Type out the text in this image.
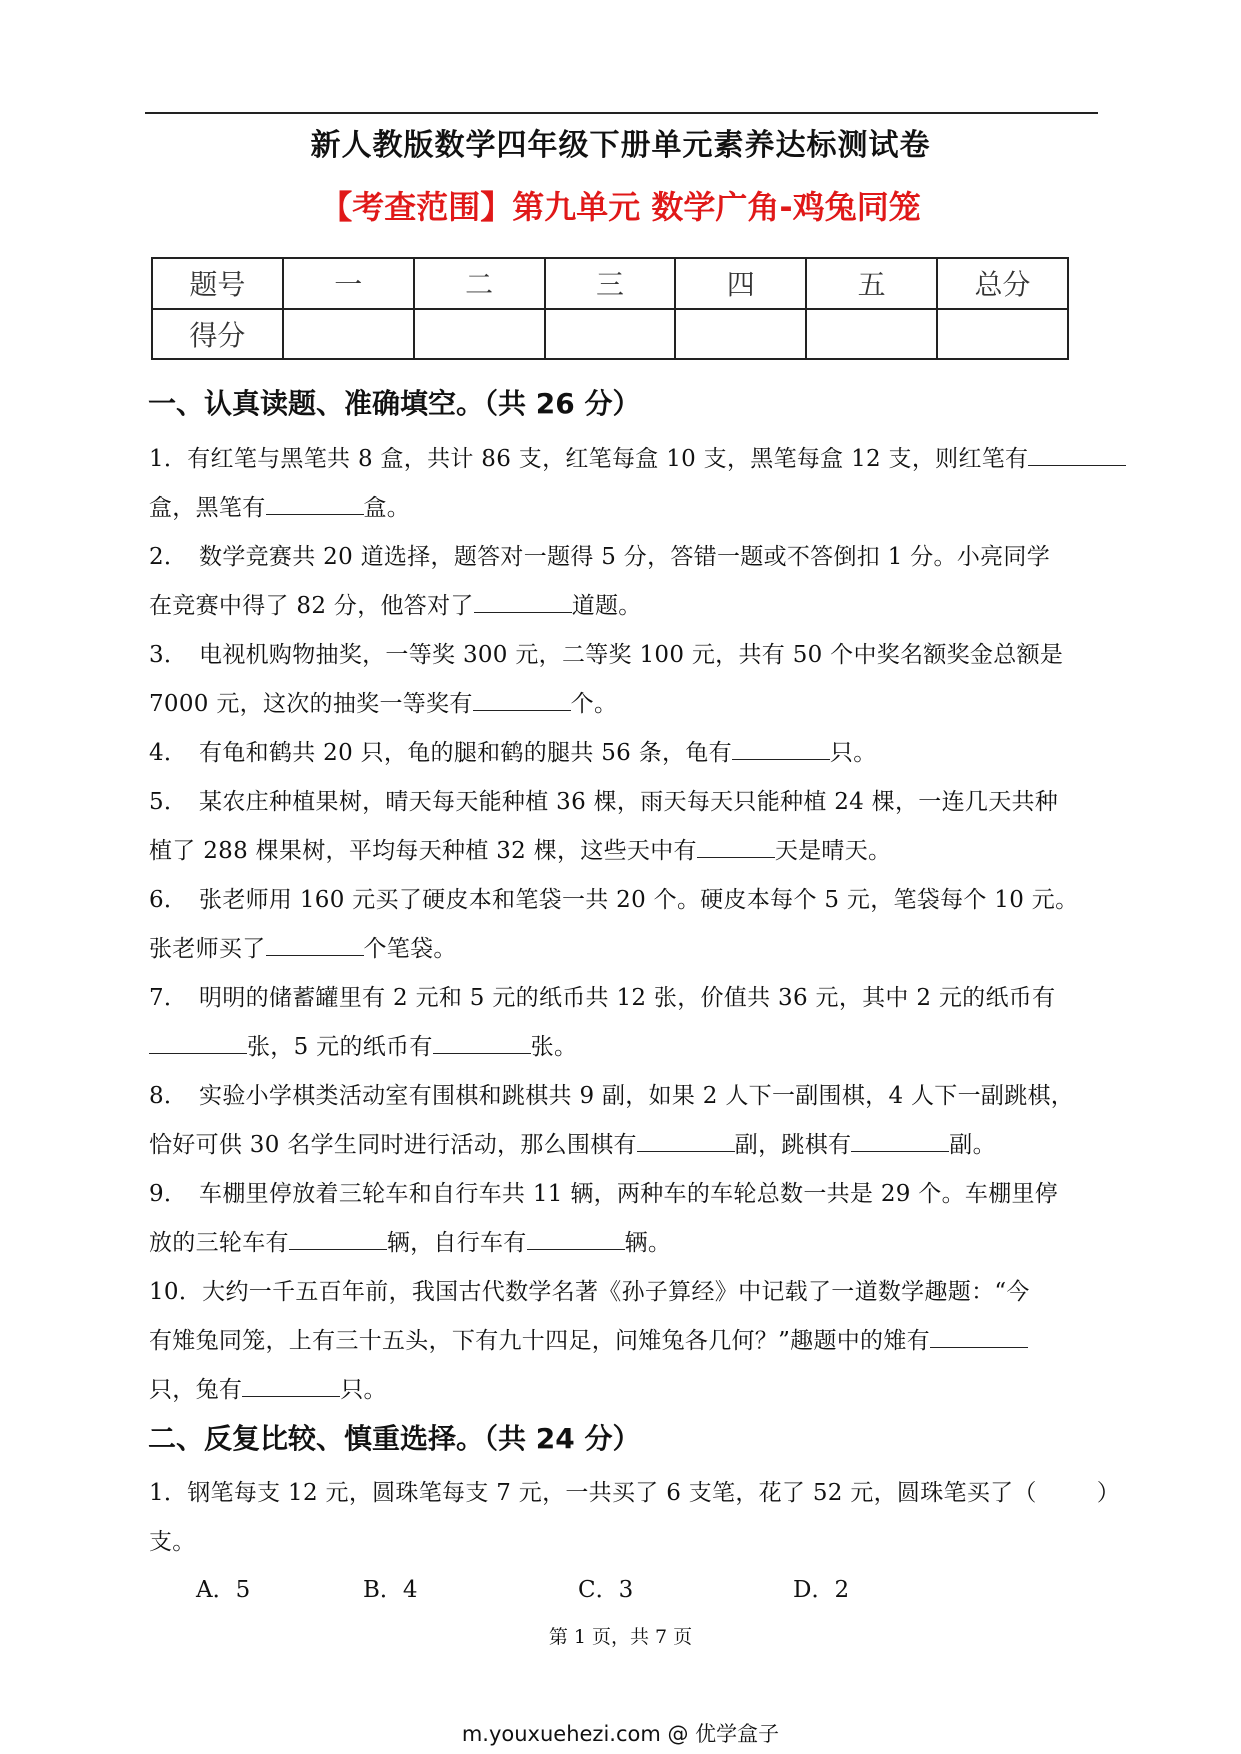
新人教版数学四年级下册单元素养达标测试卷
【考查范围】第九单元 数学广角-鸡兔同笼
题号	一	二	三	四	五	总分
得分						
一、认真读题、准确填空。（共 26 分）
1．有红笔与黑笔共 8 盒，共计 86 支，红笔每盒 10 支，黑笔每盒 12 支，则红笔有
盒，黑笔有	盒。
2．　数学竞赛共 20 道选择，题答对一题得 5 分，答错一题或不答倒扣 1 分。小亮同学
在竞赛中得了 82 分，他答对了	道题。
3．　电视机购物抽奖，一等奖 300 元，二等奖 100 元，共有 50 个中奖名额奖金总额是
7000 元，这次的抽奖一等奖有	个。
4．　有龟和鹤共 20 只，龟的腿和鹤的腿共 56 条，龟有	只。
5．　某农庄种植果树，晴天每天能种植 36 棵，雨天每天只能种植 24 棵，一连几天共种
植了 288 棵果树，平均每天种植 32 棵，这些天中有	天是晴天。
6．　张老师用 160 元买了硬皮本和笔袋一共 20 个。硬皮本每个 5 元，笔袋每个 10 元。
张老师买了	个笔袋。
7．　明明的储蓄罐里有 2 元和 5 元的纸币共 12 张，价值共 36 元，其中 2 元的纸币有
张，5 元的纸币有	张。
8．　实验小学棋类活动室有围棋和跳棋共 9 副，如果 2 人下一副围棋，4 人下一副跳棋，
恰好可供 30 名学生同时进行活动，那么围棋有	副，跳棋有	副。
9．　车棚里停放着三轮车和自行车共 11 辆，两种车的车轮总数一共是 29 个。车棚里停
放的三轮车有	辆，自行车有	辆。
10．大约一千五百年前，我国古代数学名著《孙子算经》中记载了一道数学趣题：“今
有雉兔同笼，上有三十五头，下有九十四足，问雉兔各几何？”趣题中的雉有
只，兔有	只。
二、反复比较、慎重选择。（共 24 分）
1．钢笔每支 12 元，圆珠笔每支 7 元，一共买了 6 支笔，花了 52 元，圆珠笔买了（	）
支。
A．5	B．4	C．3	D．2
第 1 页，共 7 页
m.youxuehezi.com @ 优学盒子
